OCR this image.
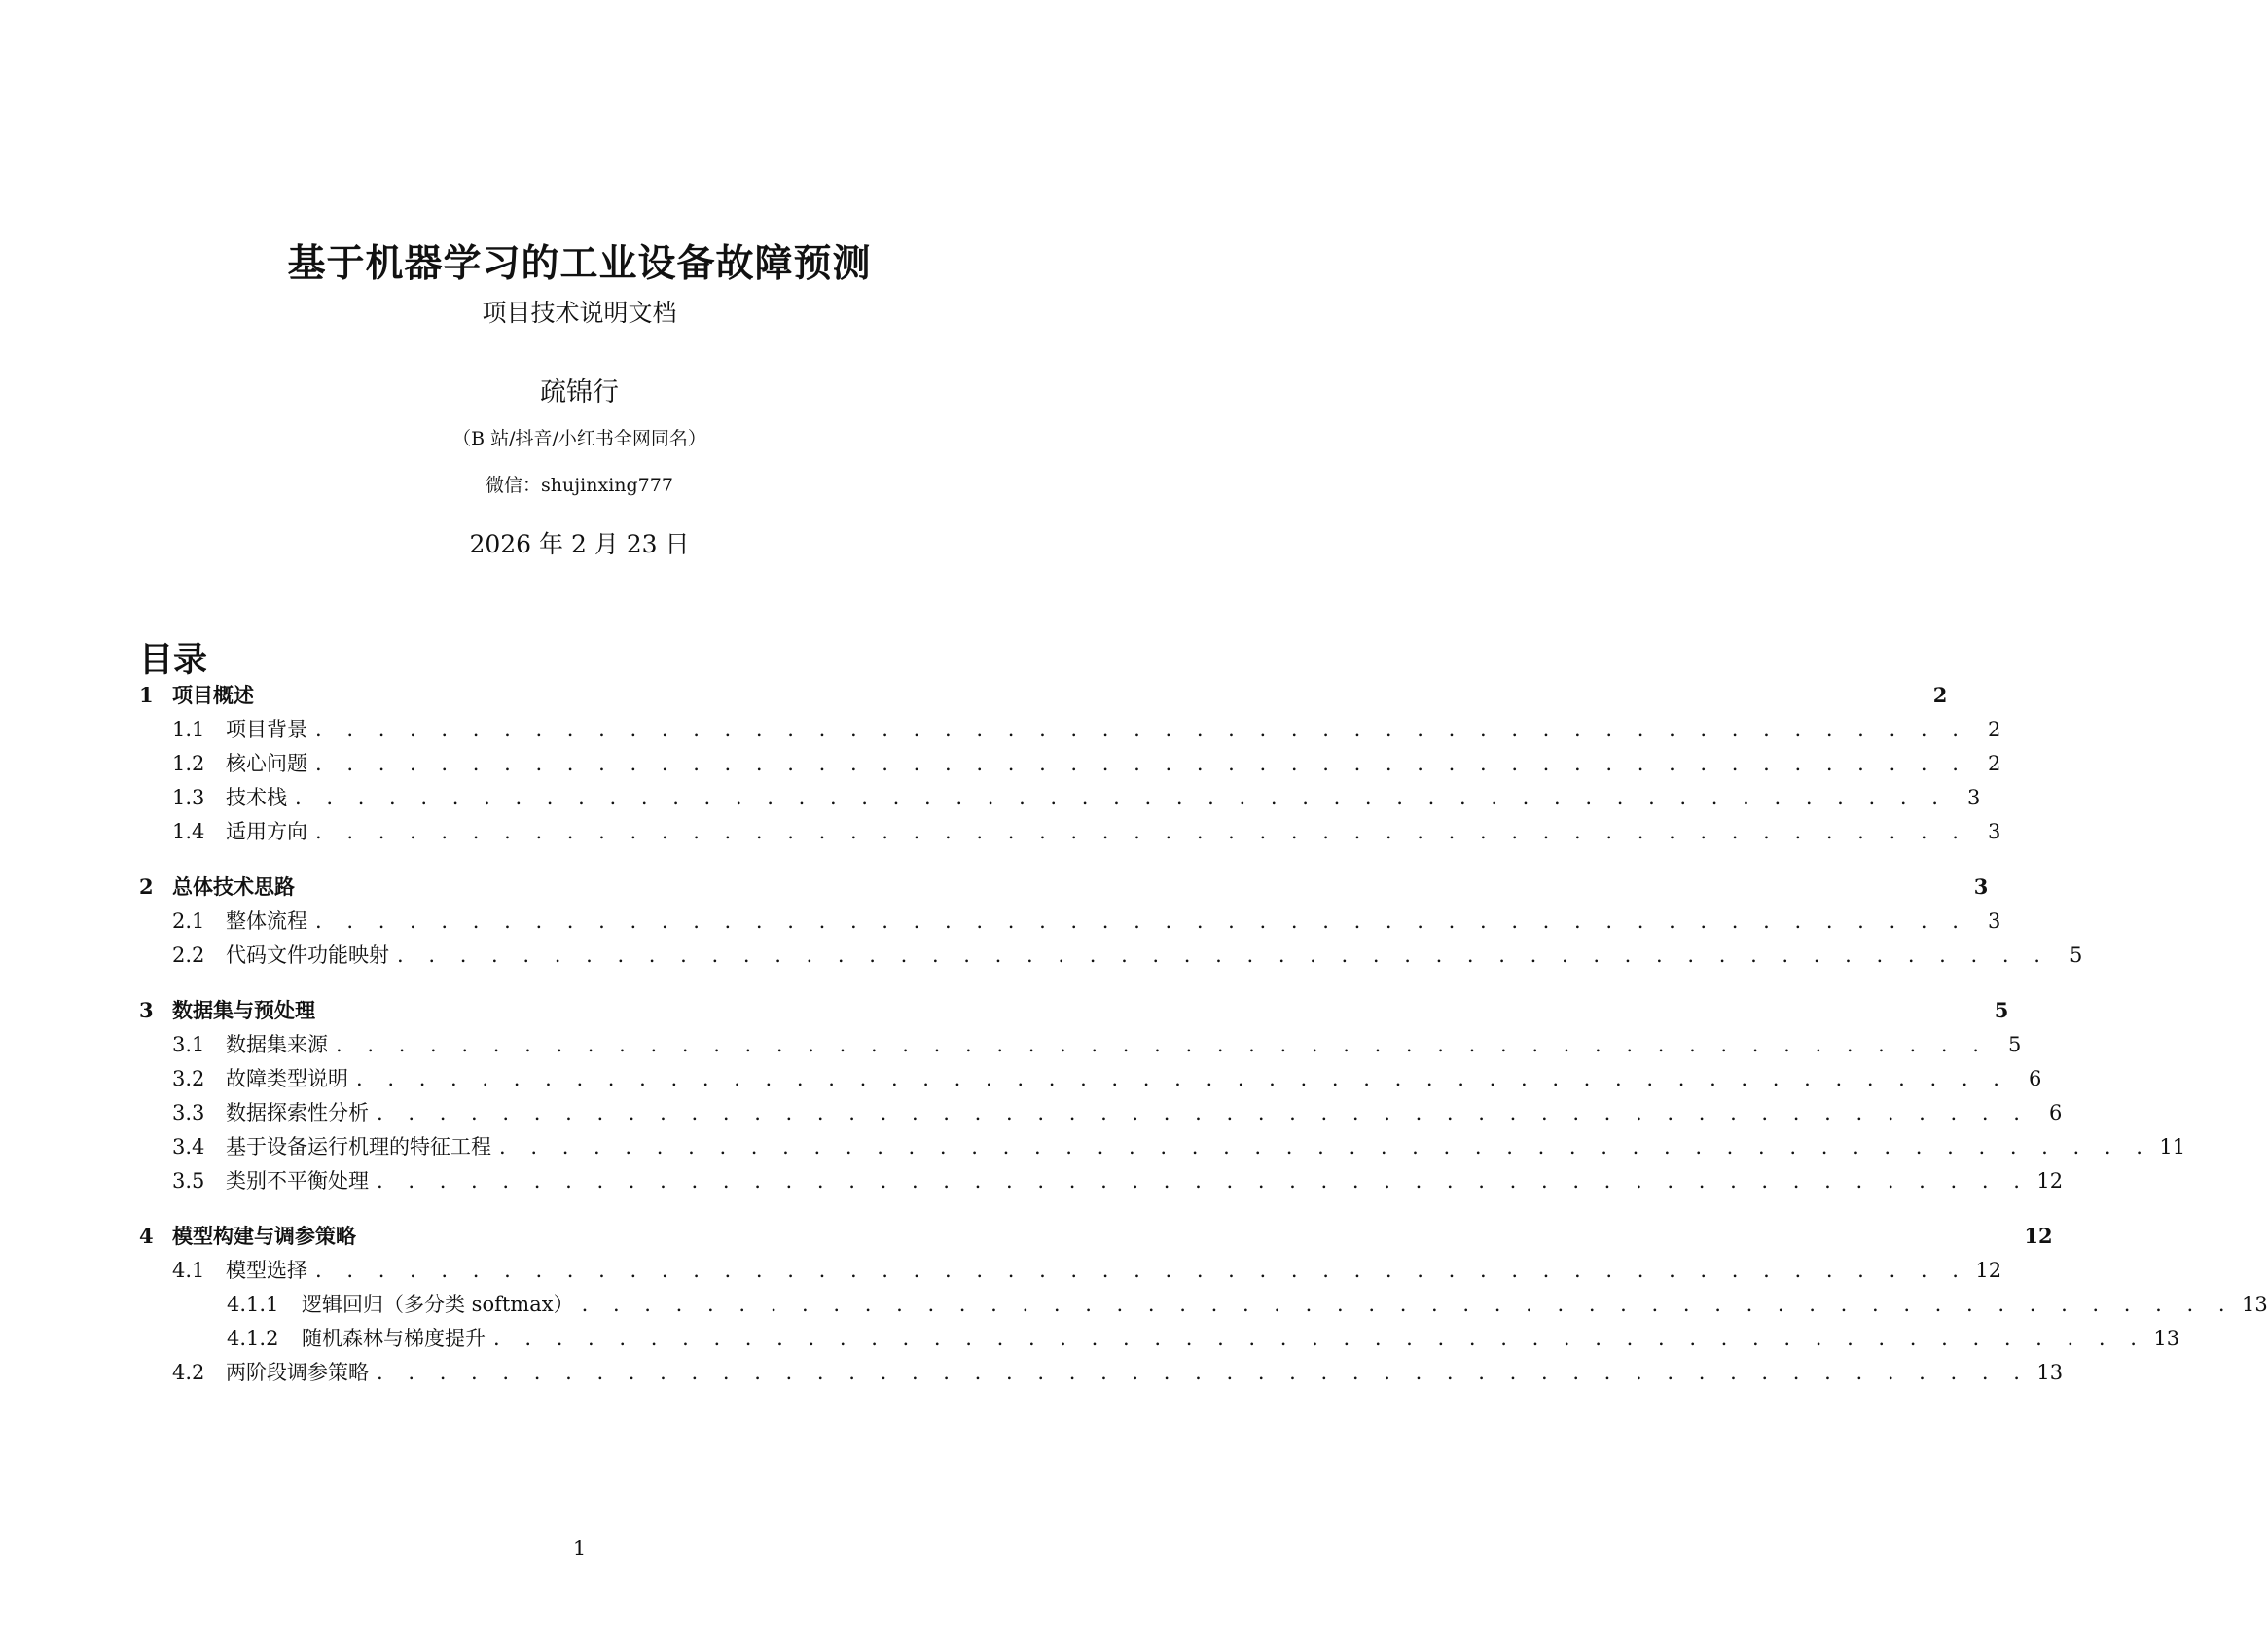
基于机器学习的工业设备故障预测
项目技术说明文档
疏锦行
（B 站/抖音/小红书全网同名）
微信：shujinxing777
2026 年 2 月 23 日
目录
1 项目概述	2
1.1	项目背景 . . . . . . . . . . . . . . . . . . . . . . . . . . . . . . . . . . . . . . . . . . . . . . . . . . . . . 2
1.2	核心问题 . . . . . . . . . . . . . . . . . . . . . . . . . . . . . . . . . . . . . . . . . . . . . . . . . . . . . 2
1.3	技术栈 . . . . . . . . . . . . . . . . . . . . . . . . . . . . . . . . . . . . . . . . . . . . . . . . . . . . . 3
1.4	适用方向 . . . . . . . . . . . . . . . . . . . . . . . . . . . . . . . . . . . . . . . . . . . . . . . . . . . . . 3
2 总体技术思路	3
2.1	整体流程 . . . . . . . . . . . . . . . . . . . . . . . . . . . . . . . . . . . . . . . . . . . . . . . . . . . . . 3
2.2	代码文件功能映射 . . . . . . . . . . . . . . . . . . . . . . . . . . . . . . . . . . . . . . . . . . . . . . . . . . . . . 5
3 数据集与预处理	5
3.1	数据集来源 . . . . . . . . . . . . . . . . . . . . . . . . . . . . . . . . . . . . . . . . . . . . . . . . . . . . . 5
3.2	故障类型说明 . . . . . . . . . . . . . . . . . . . . . . . . . . . . . . . . . . . . . . . . . . . . . . . . . . . . . 6
3.3	数据探索性分析 . . . . . . . . . . . . . . . . . . . . . . . . . . . . . . . . . . . . . . . . . . . . . . . . . . . . . 6
3.4	基于设备运行机理的特征工程 . . . . . . . . . . . . . . . . . . . . . . . . . . . . . . . . . . . . . . . . . . . . . . . . . . . . . 11
3.5	类别不平衡处理 . . . . . . . . . . . . . . . . . . . . . . . . . . . . . . . . . . . . . . . . . . . . . . . . . . . . . 12
4 模型构建与调参策略	12
4.1	模型选择 . . . . . . . . . . . . . . . . . . . . . . . . . . . . . . . . . . . . . . . . . . . . . . . . . . . . . 12
4.1.1	逻辑回归（多分类 softmax） . . . . . . . . . . . . . . . . . . . . . . . . . . . . . . . . . . . . . . . . . . . . . . . . . . . . . 13
4.1.2	随机森林与梯度提升 . . . . . . . . . . . . . . . . . . . . . . . . . . . . . . . . . . . . . . . . . . . . . . . . . . . . . 13
4.2	两阶段调参策略 . . . . . . . . . . . . . . . . . . . . . . . . . . . . . . . . . . . . . . . . . . . . . . . . . . . . . 13
1
